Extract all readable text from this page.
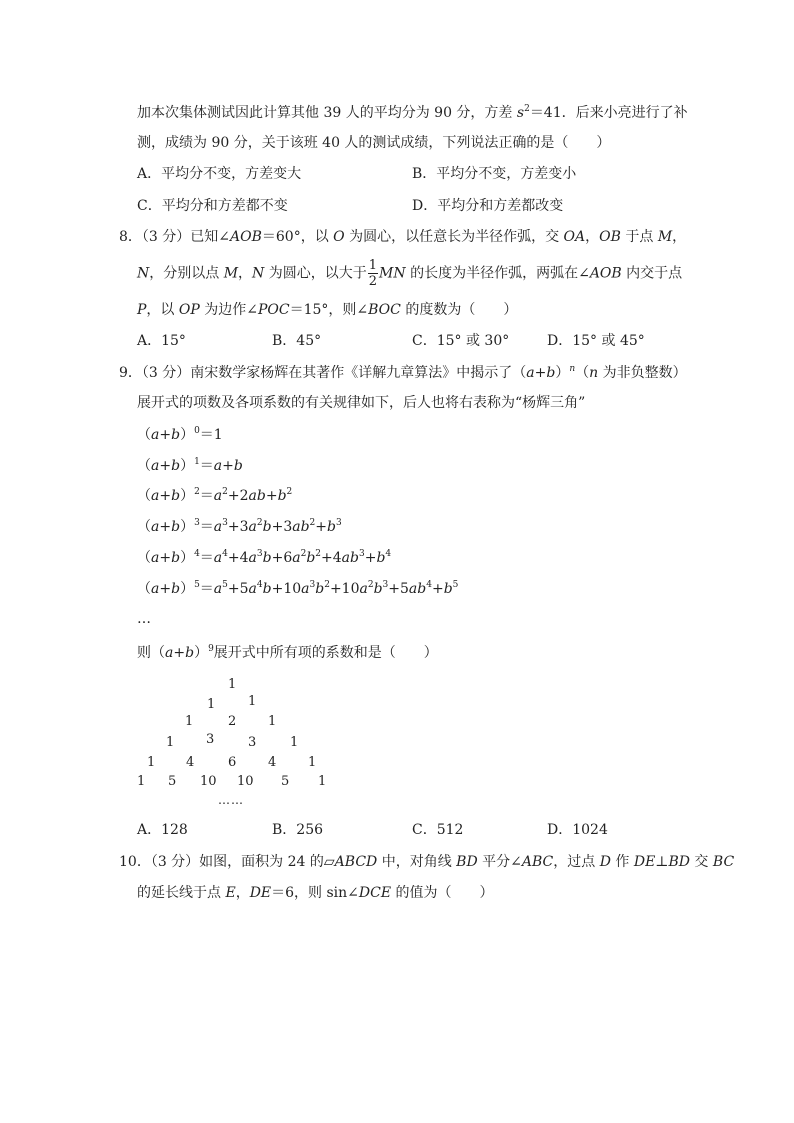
加本次集体测试因此计算其他 39 人的平均分为 90 分，方差 $s^2=41$．后来小亮进行了补
测，成绩为 90 分，关于该班 40 人的测试成绩，下列说法正确的是（　　）
A．平均分不变，方差变大	B．平均分不变，方差变小
C．平均分和方差都不变	D．平均分和方差都改变
8．（3 分）已知∠AOB＝60°，以 O 为圆心，以任意长为半径作弧，交 OA，OB 于点 M，
N，分别以点 M，N 为圆心，以大于 $\frac{1}{2}$ MN 的长度为半径作弧，两弧在∠AOB 内交于点
P，以 OP 为边作∠POC＝15°，则∠BOC 的度数为（　　）
A．15°	B．45°	C．15° 或 30°	D．15° 或 45°
9．（3 分）南宋数学家杨辉在其著作《详解九章算法》中揭示了$(a+b)^n(n$ 为非负整数）
展开式的项数及各项系数的有关规律如下，后人也将右表称为“杨辉三角”
$(a+b)^0=1$
$(a+b)^1=a+b$
$(a+b)^2=a^2+2ab+b^2$
$(a+b)^3=a^3+3a^2b+3ab^2+b^3$
$(a+b)^4=a^4+4a^3b+6a^2b^2+4ab^3+b^4$
$(a+b)^5=a^5+5a^4b+10a^3b^2+10a^2b^3+5ab^4+b^5$
…
则$(a+b)^9$展开式中所有项的系数和是（　　）
1
1	1
1	2 1
1 3	3	1
1 4	6 4 1
1 5 10 10 5 1
……
A．128	B．256	C．512	D．1024
10．（3 分）如图，面积为 24 的▱ABCD 中，对角线 BD 平分∠ABC，过点 D 作 DE⊥BD 交 BC
的延长线于点 E，DE＝6，则 sin∠DCE 的值为（　　）
